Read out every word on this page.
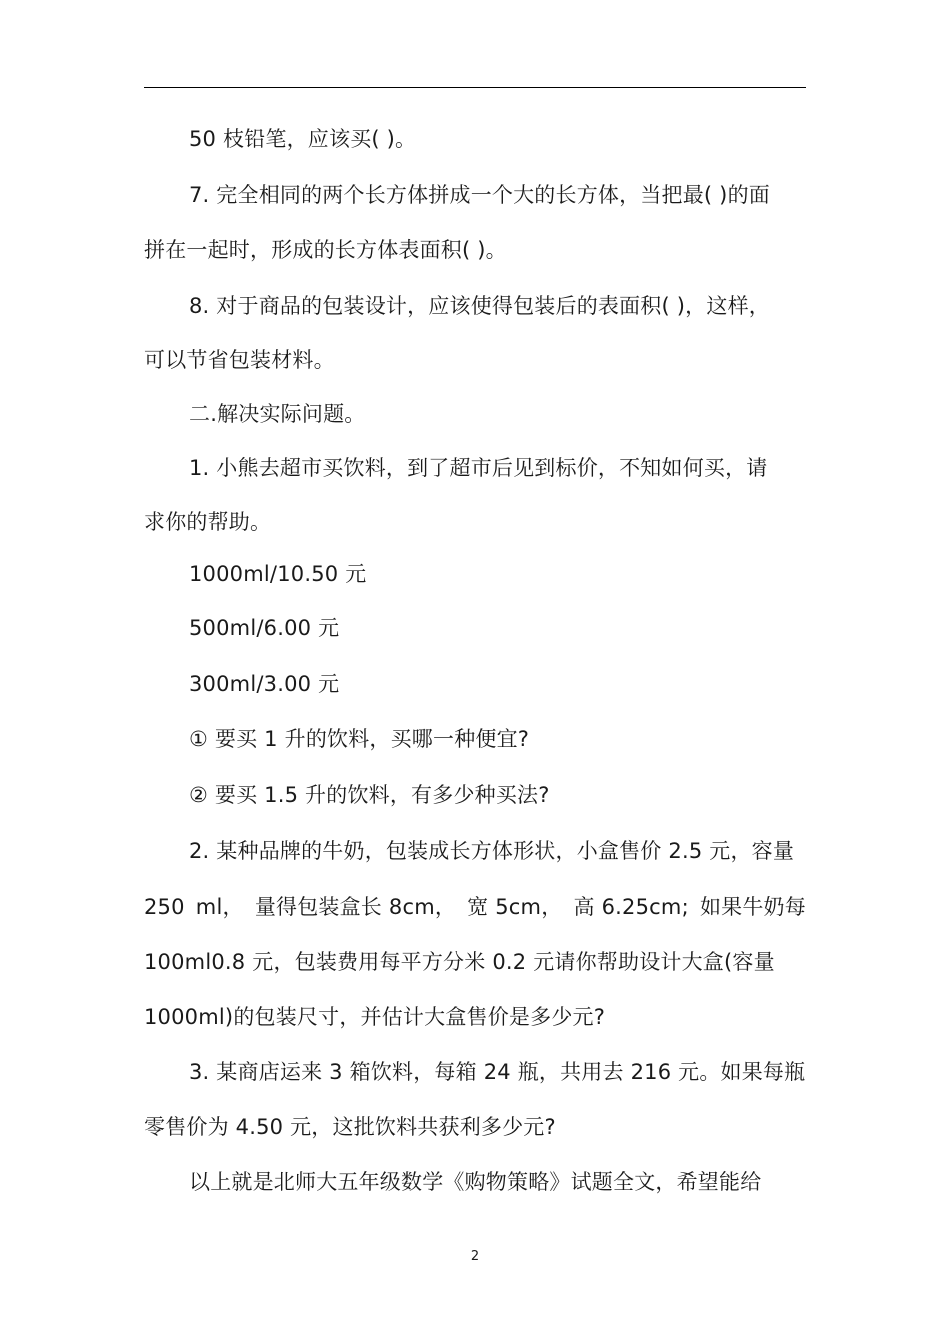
50 枝铅笔，应该买( )。
7. 完全相同的两个长方体拼成一个大的长方体，当把最( )的面
拼在一起时，形成的长方体表面积( )。
8. 对于商品的包装设计，应该使得包装后的表面积( )，这样，
可以节省包装材料。
二.解决实际问题。
1. 小熊去超市买饮料，到了超市后见到标价，不知如何买，请
求你的帮助。
1000ml/10.50 元
500ml/6.00 元
300ml/3.00 元
① 要买 1 升的饮料，买哪一种便宜?
② 要买 1.5 升的饮料，有多少种买法?
2. 某种品牌的牛奶，包装成长方体形状，小盒售价 2.5 元，容量
250 ml， 量得包装盒长 8cm， 宽 5cm， 高 6.25cm; 如果牛奶每
100ml0.8 元，包装费用每平方分米 0.2 元请你帮助设计大盒(容量
1000ml)的包装尺寸，并估计大盒售价是多少元?
3. 某商店运来 3 箱饮料，每箱 24 瓶，共用去 216 元。如果每瓶
零售价为 4.50 元，这批饮料共获利多少元?
以上就是北师大五年级数学《购物策略》试题全文，希望能给
2
